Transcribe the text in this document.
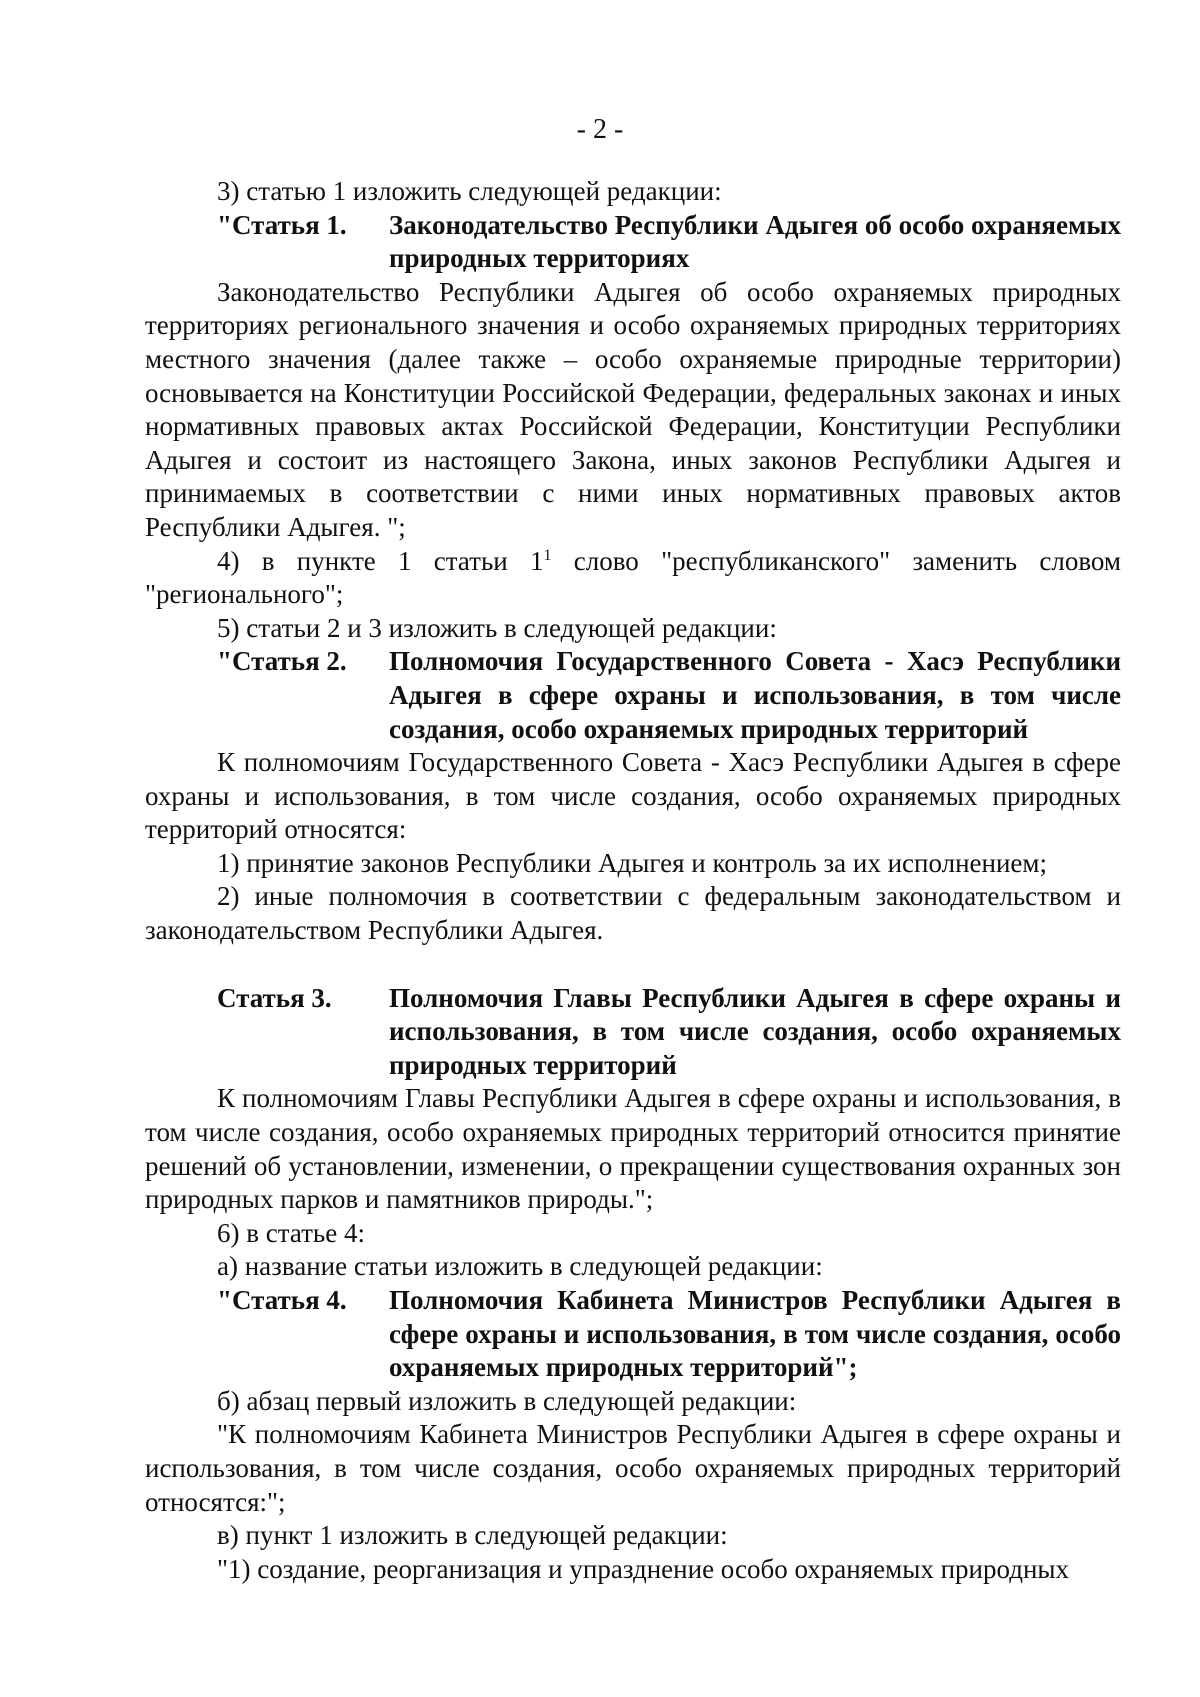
- 2 -

3) статью 1 изложить следующей редакции:

"Статья 1.	Законодательство Республики Адыгея об особо охраняемых природных территориях

Законодательство Республики Адыгея об особо охраняемых природных территориях регионального значения и особо охраняемых природных территориях местного значения (далее также – особо охраняемые природные территории) основывается на Конституции Российской Федерации, федеральных законах и иных нормативных правовых актах Российской Федерации, Конституции Республики Адыгея и состоит из настоящего Закона, иных законов Республики Адыгея и принимаемых в соответствии с ними иных нормативных правовых актов Республики Адыгея. ";

4) в пункте 1 статьи $1^1$ слово "республиканского" заменить словом "регионального";

5) статьи 2 и 3 изложить в следующей редакции:

"Статья 2.	Полномочия Государственного Совета - Хасэ Республики Адыгея в сфере охраны и использования, в том числе создания, особо охраняемых природных территорий

К полномочиям Государственного Совета - Хасэ Республики Адыгея в сфере охраны и использования, в том числе создания, особо охраняемых природных территорий относятся:

1) принятие законов Республики Адыгея и контроль за их исполнением;

2) иные полномочия в соответствии с федеральным законодательством и законодательством Республики Адыгея.

Статья 3.	Полномочия Главы Республики Адыгея в сфере охраны и использования, в том числе создания, особо охраняемых природных территорий

К полномочиям Главы Республики Адыгея в сфере охраны и использования, в том числе создания, особо охраняемых природных территорий относится принятие решений об установлении, изменении, о прекращении существования охранных зон природных парков и памятников природы.";

6) в статье 4:

а) название статьи изложить в следующей редакции:

"Статья 4.	Полномочия Кабинета Министров Республики Адыгея в сфере охраны и использования, в том числе создания, особо охраняемых природных территорий";

б) абзац первый изложить в следующей редакции:

"К полномочиям Кабинета Министров Республики Адыгея в сфере охраны и использования, в том числе создания, особо охраняемых природных территорий относятся:";

в) пункт 1 изложить в следующей редакции:

"1) создание, реорганизация и упразднение особо охраняемых природных
